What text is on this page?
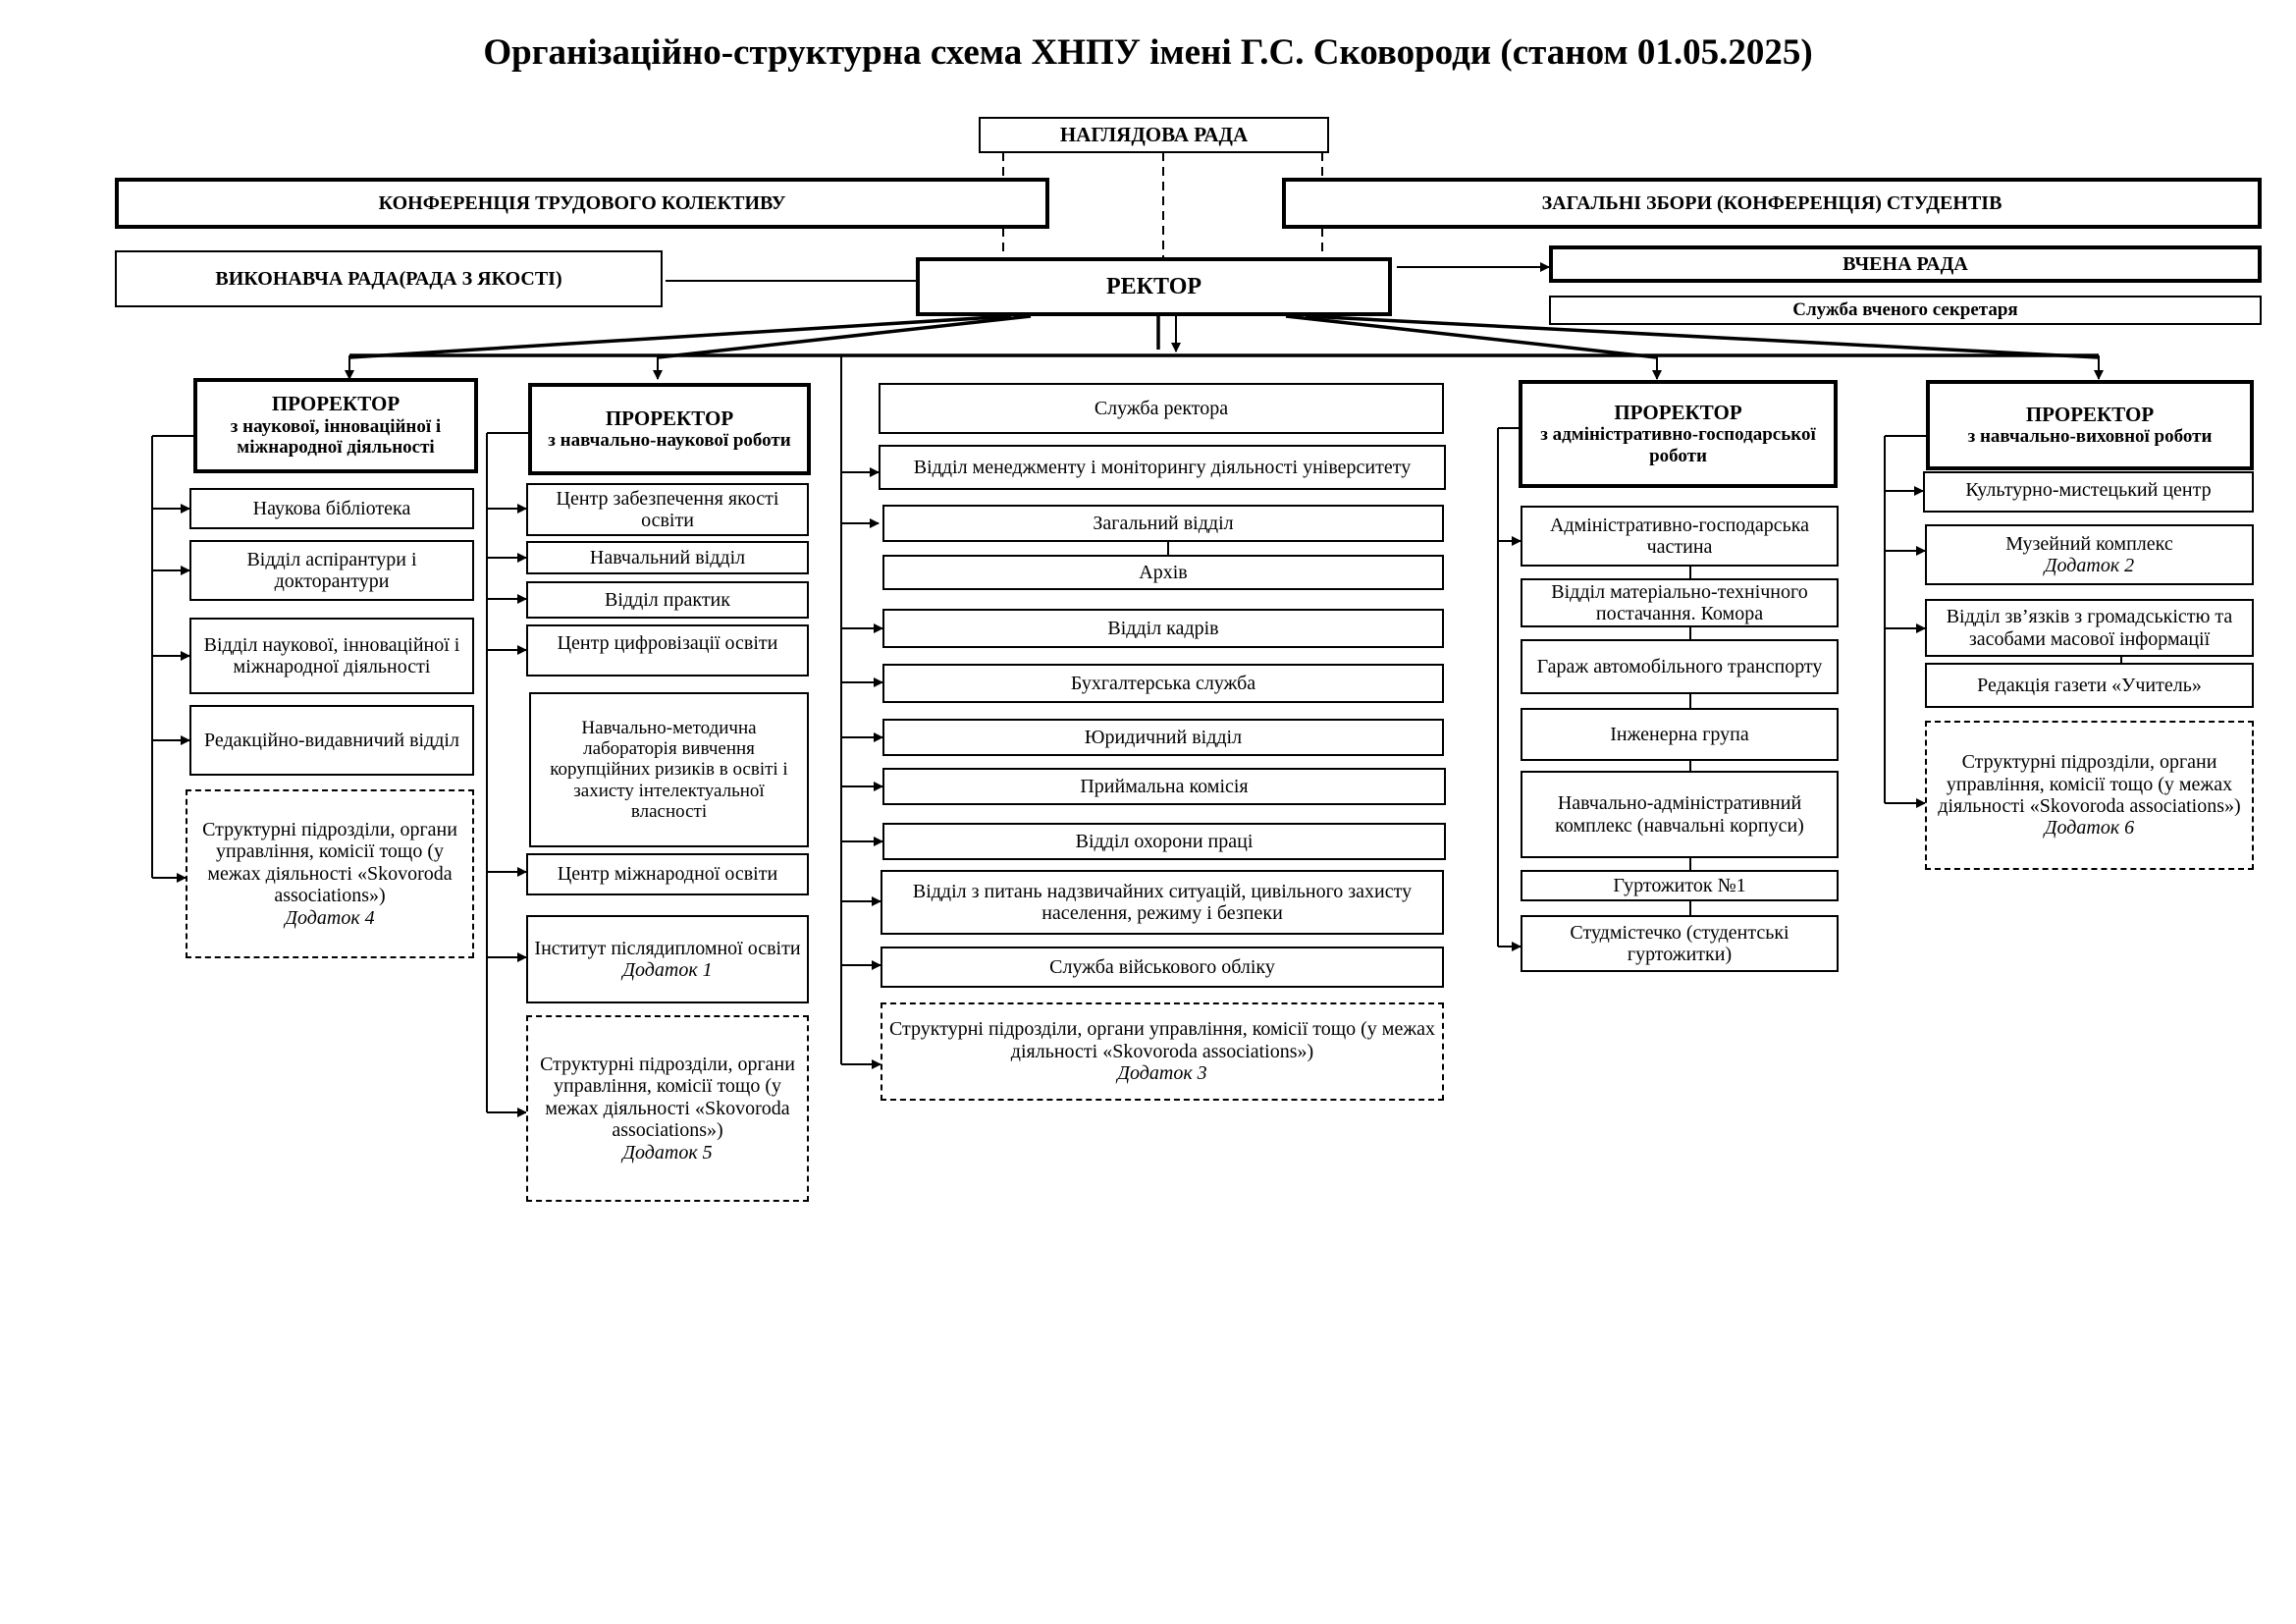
Організаційно-структурна схема ХНПУ імені Г.С. Сковороди (станом 01.05.2025)
НАГЛЯДОВА РАДА
КОНФЕРЕНЦІЯ ТРУДОВОГО КОЛЕКТИВУ	ЗАГАЛЬНІ ЗБОРИ (КОНФЕРЕНЦІЯ) СТУДЕНТІВ
ВИКОНАВЧА РАДА(РАДА З ЯКОСТІ)	РЕКТОР
ВЧЕНА РАДА
Служба вченого секретаря
ПРОРЕКТОР
з наукової, інноваційної і міжнародної діяльності
Наукова бібліотека
Відділ аспірантури і докторантури
Відділ наукової, інноваційної і міжнародної діяльності
Редакційно-видавничий відділ
Структурні підрозділи, органи управління, комісії тощо (у межах діяльності «Skovoroda associations»)
Додаток 4
ПРОРЕКТОР
з навчально-наукової роботи
Центр забезпечення якості освіти
Навчальний відділ
Відділ практик
Центр цифровізації освіти
Навчально-методична лабораторія вивчення корупційних ризиків в освіті і захисту інтелектуальної власності
Центр міжнародної освіти
Інститут післядипломної освіти
Додаток 1
Структурні підрозділи, органи управління, комісії тощо (у межах діяльності «Skovoroda associations»)
Додаток 5
Служба ректора
Відділ менеджменту і моніторингу діяльності університету
Загальний відділ
Архів
Відділ кадрів
Бухгалтерська служба
Юридичний відділ
Приймальна комісія
Відділ охорони праці
Відділ з питань надзвичайних ситуацій, цивільного захисту населення, режиму і безпеки
Служба військового обліку
Структурні підрозділи, органи управління, комісії тощо (у межах діяльності «Skovoroda associations»)
Додаток 3
ПРОРЕКТОР
з адміністративно-господарської роботи
Адміністративно-господарська частина
Відділ матеріально-технічного постачання. Комора
Гараж автомобільного транспорту
Інженерна група
Навчально-адміністративний комплекс (навчальні корпуси)
Гуртожиток №1
Студмістечко (студентські гуртожитки)
ПРОРЕКТОР
з навчально-виховної роботи
Культурно-мистецький центр
Музейний комплекс
Додаток 2
Відділ зв’язків з громадськістю та засобами масової інформації
Редакція газети «Учитель»
Структурні підрозділи, органи управління, комісії тощо (у межах діяльності «Skovoroda associations»)
Додаток 6
